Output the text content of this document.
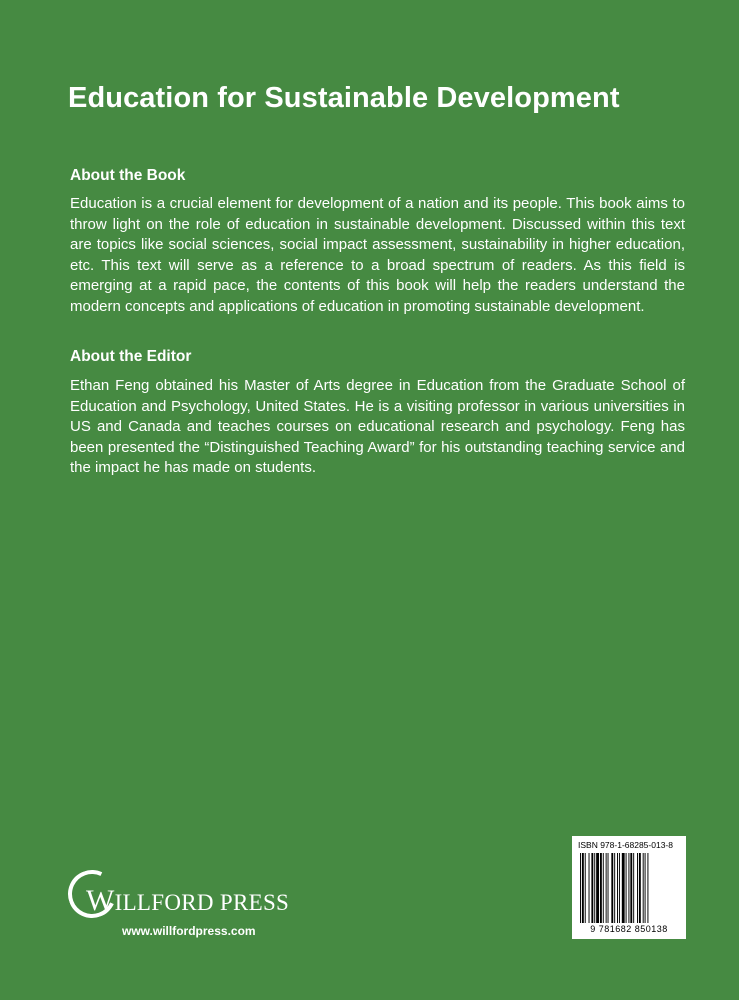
Education for Sustainable Development
About the Book
Education is a crucial element for development of a nation and its people. This book aims to throw light on the role of education in sustainable development. Discussed within this text are topics like social sciences, social impact assessment, sustainability in higher education, etc. This text will serve as a reference to a broad spectrum of readers. As this field is emerging at a rapid pace, the contents of this book will help the readers understand the modern concepts and applications of education in promoting sustainable development.
About the Editor
Ethan Feng obtained his Master of Arts degree in Education from the Graduate School of Education and Psychology, United States. He is a visiting professor in various universities in US and Canada and teaches courses on educational research and psychology. Feng has been presented the “Distinguished Teaching Award” for his outstanding teaching service and the impact he has made on students.
WILLFORD PRESS
www.willfordpress.com
ISBN 978-1-68285-013-8
9 781682 850138
